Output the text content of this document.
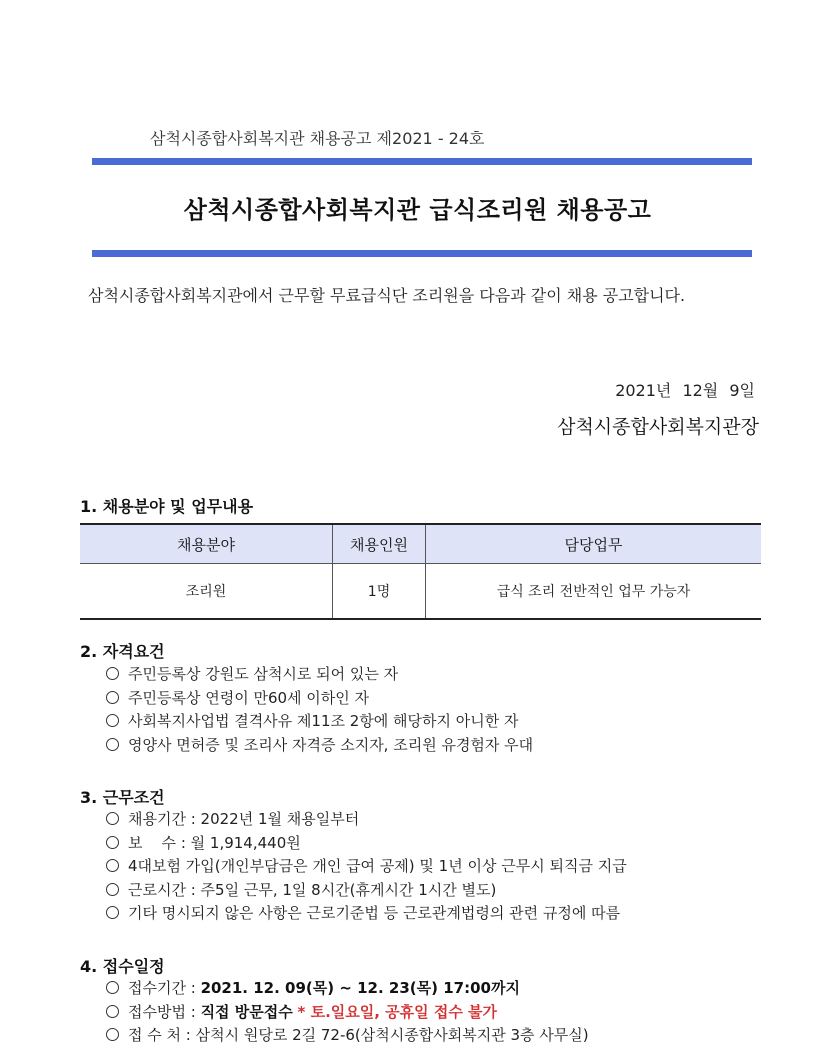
삼척시종합사회복지관 채용공고 제2021 - 24호
삼척시종합사회복지관 급식조리원 채용공고
삼척시종합사회복지관에서 근무할 무료급식단 조리원을 다음과 같이 채용 공고합니다.
2021년 12월 9일
삼척시종합사회복지관장
1. 채용분야 및 업무내용
채용분야	채용인원	담당업무
조리원	1명	급식 조리 전반적인 업무 가능자
2. 자격요건
주민등록상 강원도 삼척시로 되어 있는 자
주민등록상 연령이 만60세 이하인 자
사회복지사업법 결격사유 제11조 2항에 해당하지 아니한 자
영양사 면허증 및 조리사 자격증 소지자, 조리원 유경험자 우대
3. 근무조건
채용기간 : 2022년 1월 채용일부터
보    수 : 월 1,914,440원
4대보험 가입(개인부담금은 개인 급여 공제) 및 1년 이상 근무시 퇴직금 지급
근로시간 : 주5일 근무, 1일 8시간(휴게시간 1시간 별도)
기타 명시되지 않은 사항은 근로기준법 등 근로관계법령의 관련 규정에 따름
4. 접수일정
접수기간 : 2021. 12. 09(목) ~ 12. 23(목) 17:00까지
접수방법 : 직접 방문접수 * 토.일요일, 공휴일 접수 불가
접 수 처 : 삼척시 원당로 2길 72-6(삼척시종합사회복지관 3층 사무실)
